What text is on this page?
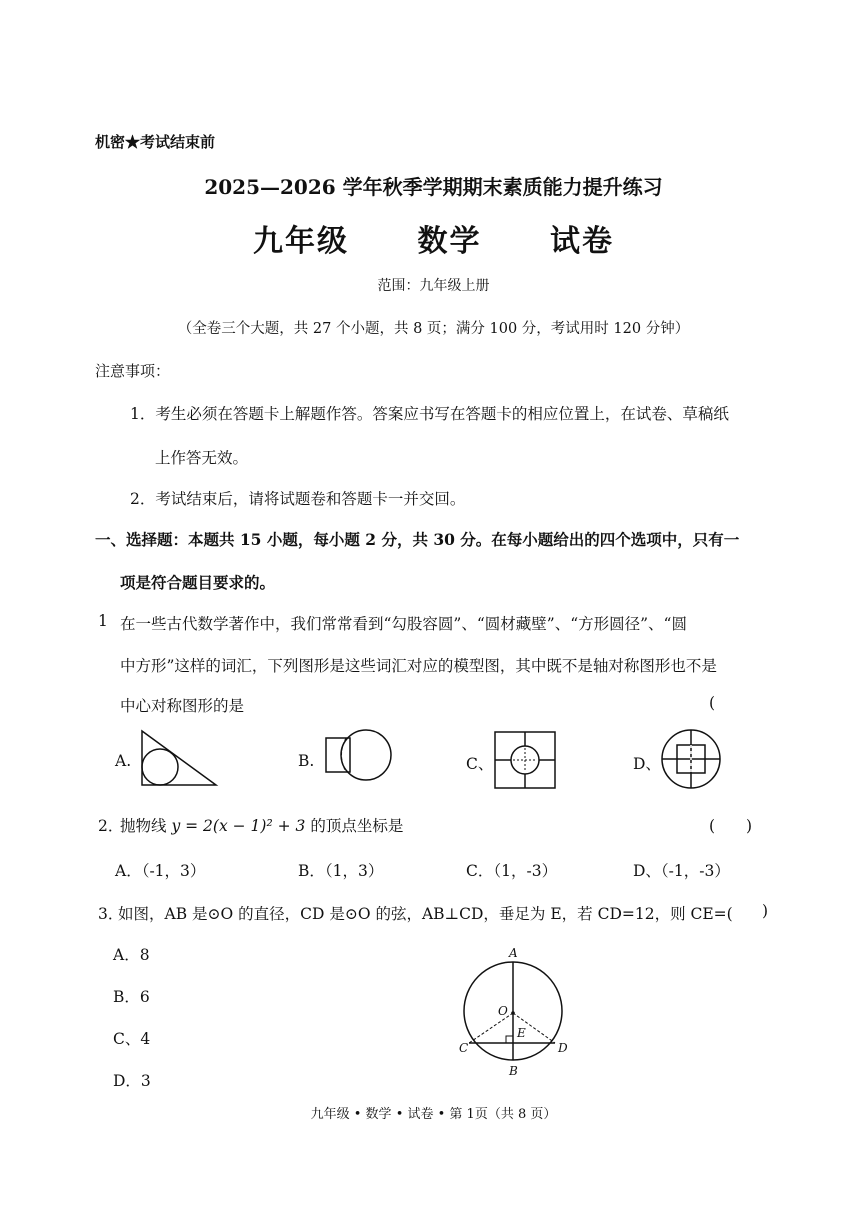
机密★考试结束前
2025—2026 学年秋季学期期末素质能力提升练习
九年级 数学 试卷
范围：九年级上册
（全卷三个大题，共 27 个小题，共 8 页；满分 100 分，考试用时 120 分钟）
注意事项：
1．考生必须在答题卡上解题作答。答案应书写在答题卡的相应位置上，在试卷、草稿纸
上作答无效。
2．考试结束后，请将试题卷和答题卡一并交回。
一、选择题：本题共 15 小题，每小题 2 分，共 30 分。在每小题给出的四个选项中，只有一
项是符合题目要求的。
1 在一些古代数学著作中，我们常常看到“勾股容圆”、“圆材藏壁”、“方形圆径”、“圆
中方形”这样的词汇，下列图形是这些词汇对应的模型图，其中既不是轴对称图形也不是
中心对称图形的是	(
A.	B.	C、	D、
2．
抛物线 y = 2(x − 1)² + 3 的顶点坐标是	(　　)
A．（-1，3）	B．（1，3）	C．（1，-3）	D、（-1，-3）
3．
如图，AB 是⊙O 的直径，CD 是⊙O 的弦，AB⊥CD，垂足为 E，若 CD=12，则 CE=( )
A．8
B．6
C、4
D．3
A
O
E
C	D
B
九年级 • 数学 • 试卷 • 第 1页（共 8 页）
